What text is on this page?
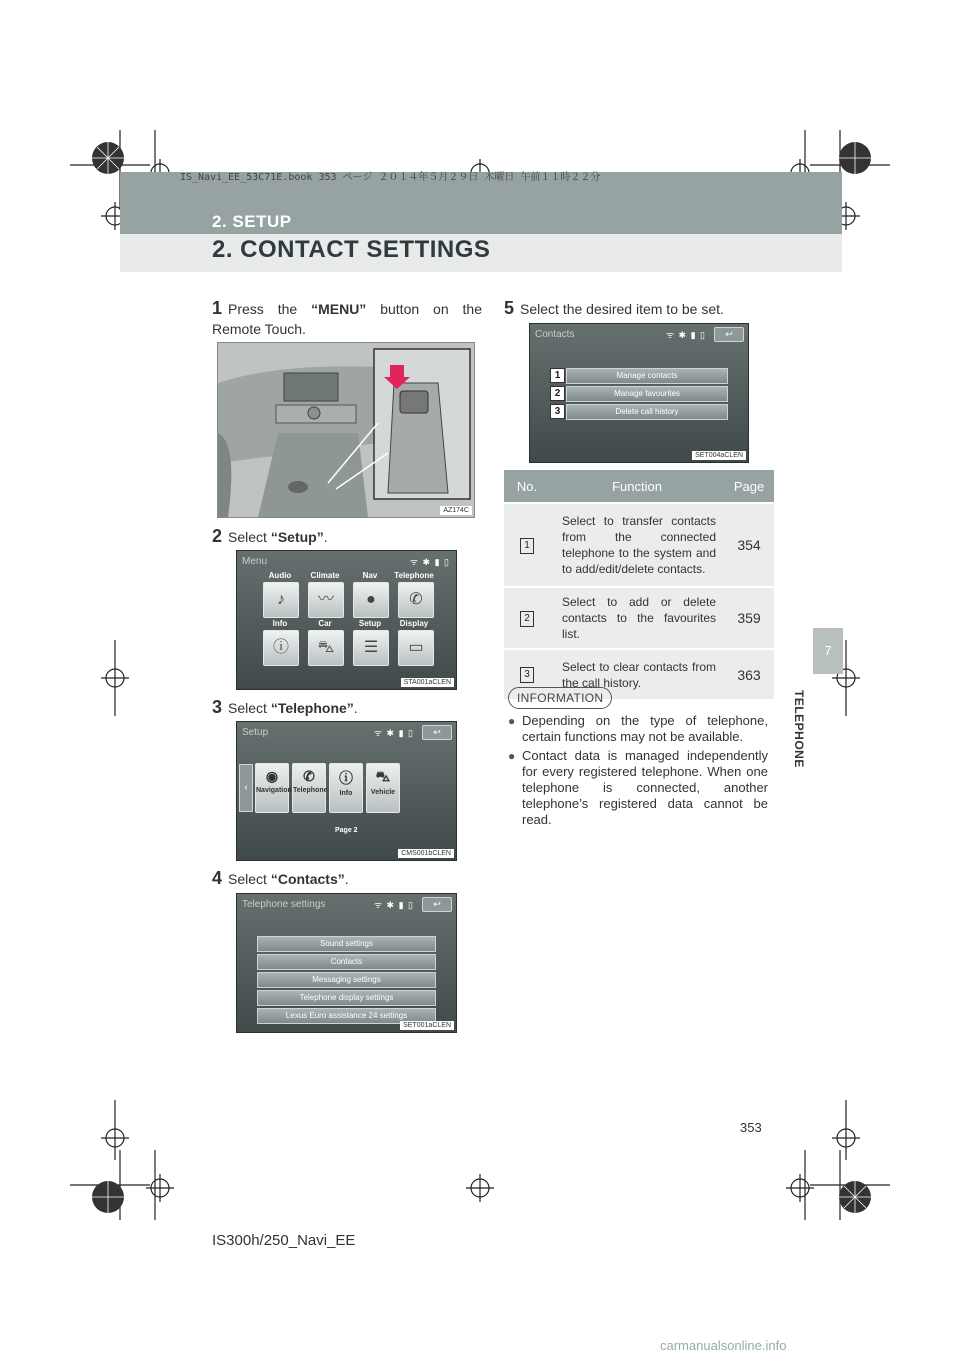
2. SETUP
2. CONTACT SETTINGS
IS_Navi_EE_53C71E.book 353 ページ ２０１４年５月２９日 木曜日 午前１１時２２分
7
TELEPHONE
1 Press the “MENU” button on the Remote Touch.
AZ174C
2 Select “Setup”.
Menu	ᯤ ✱ ▮ ▯
Audio	Climate	Nav	Telephone
♪	〰	●	✆
Info	Car	Setup	Display
ⓘ	⛍	☰	▭
STA001aCLEN
3 Select “Telephone”.
Setup	ᯤ ✱ ▮ ▯	↩
‹
◉
Navigation
✆
Telephone
ⓘ
Info
⛍
Vehicle
Page 2
CMS001bCLEN
4 Select “Contacts”.
Telephone settings	ᯤ ✱ ▮ ▯	↩
Sound settings
Contacts
Messaging settings
Telephone display settings
Lexus Euro assistance 24 settings
SET001aCLEN
5 Select the desired item to be set.
Contacts	ᯤ ✱ ▮ ▯	↩
1	Manage contacts
2	Manage favourites
3	Delete call history
SET004aCLEN
No.	Function	Page
1	Select to transfer contacts from the connected telephone to the system and to add/edit/delete contacts.	354
2	Select to add or delete contacts to the favourites list.	359
3	Select to clear contacts from the call history.	363
INFORMATION
● Depending on the type of telephone, certain functions may not be available.
● Contact data is managed independently for every registered telephone. When one telephone is connected, another telephone’s registered data cannot be read.
353
IS300h/250_Navi_EE
carmanualsonline.info
